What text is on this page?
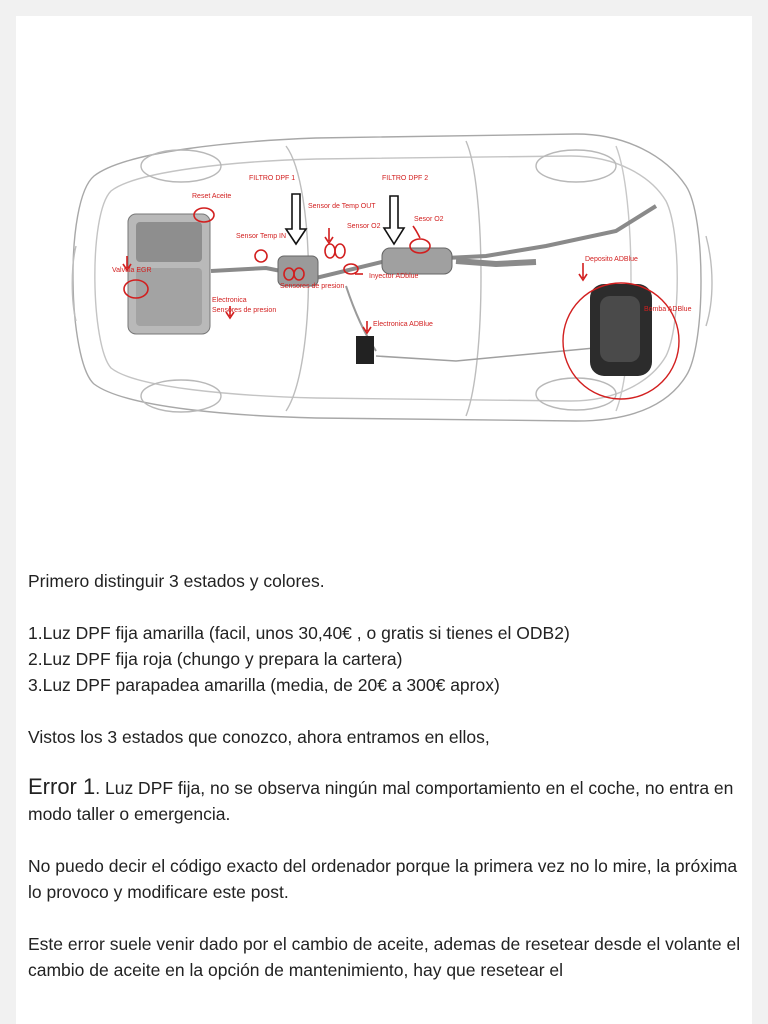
FILTRO DPF 1	FILTRO DPF 2
Reset Aceite
Sensor de Temp OUT
Sensor O2
Sesor O2
Sensor Temp IN
Valvula EGR
Sensores de presion
Inyector ADblue
Electronica
Sensores de presion
Electronica ADBlue
Deposito ADBlue
Bomba ADBlue

Primero distinguir 3 estados y colores.

1.Luz DPF fija amarilla (facil, unos 30,40€ , o gratis si tienes el ODB2)

2.Luz DPF fija roja (chungo y prepara la cartera)

3.Luz DPF parapadea amarilla (media, de 20€ a 300€ aprox)

Vistos los 3 estados que conozco, ahora entramos en ellos,

Error 1. Luz DPF fija, no se observa ningún mal comportamiento en el coche, no entra en modo taller o emergencia.

No puedo decir el código exacto del ordenador porque la primera vez no lo mire, la próxima lo provoco y modificare este post.

Este error suele venir dado por el cambio de aceite, ademas de resetear desde el volante el cambio de aceite en la opción de mantenimiento, hay que resetear el
